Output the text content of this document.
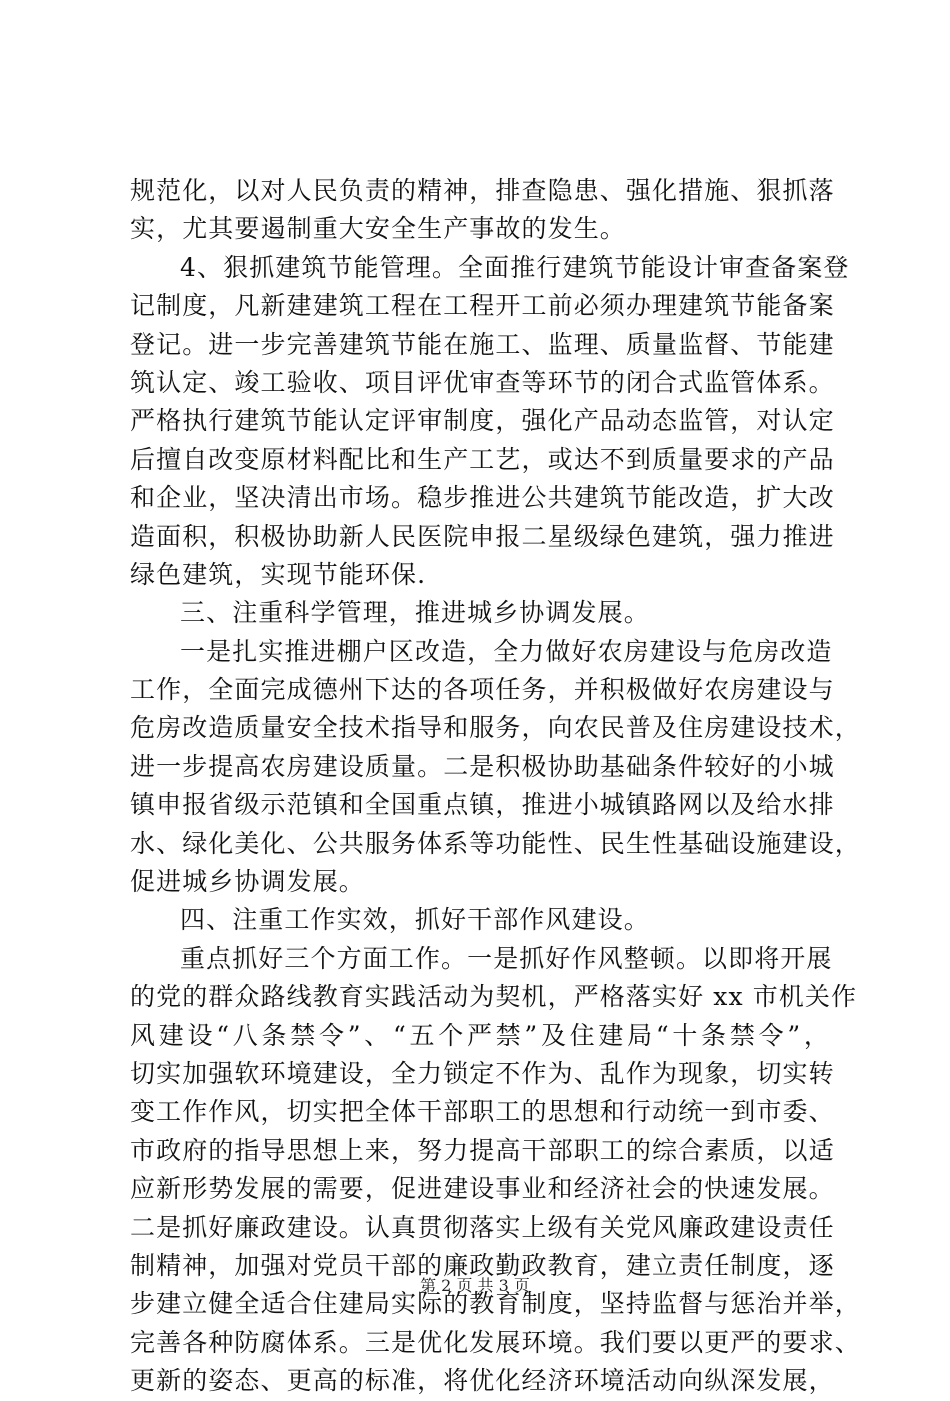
规范化，以对人民负责的精神，排查隐患、强化措施、狠抓落
实，尤其要遏制重大安全生产事故的发生。
4、狠抓建筑节能管理。全面推行建筑节能设计审查备案登
记制度，凡新建建筑工程在工程开工前必须办理建筑节能备案
登记。进一步完善建筑节能在施工、监理、质量监督、节能建
筑认定、竣工验收、项目评优审查等环节的闭合式监管体系。
严格执行建筑节能认定评审制度，强化产品动态监管，对认定
后擅自改变原材料配比和生产工艺，或达不到质量要求的产品
和企业，坚决清出市场。稳步推进公共建筑节能改造，扩大改
造面积，积极协助新人民医院申报二星级绿色建筑，强力推进
绿色建筑，实现节能环保.
三、注重科学管理，推进城乡协调发展。
一是扎实推进棚户区改造，全力做好农房建设与危房改造
工作，全面完成德州下达的各项任务，并积极做好农房建设与
危房改造质量安全技术指导和服务，向农民普及住房建设技术，
进一步提高农房建设质量。二是积极协助基础条件较好的小城
镇申报省级示范镇和全国重点镇，推进小城镇路网以及给水排
水、绿化美化、公共服务体系等功能性、民生性基础设施建设，
促进城乡协调发展。
四、注重工作实效，抓好干部作风建设。
重点抓好三个方面工作。一是抓好作风整顿。以即将开展
的党的群众路线教育实践活动为契机，严格落实好 xx 市机关作
风建设“八条禁令”、“五个严禁”及住建局“十条禁令”，
切实加强软环境建设，全力锁定不作为、乱作为现象，切实转
变工作作风，切实把全体干部职工的思想和行动统一到市委、
市政府的指导思想上来，努力提高干部职工的综合素质，以适
应新形势发展的需要，促进建设事业和经济社会的快速发展。
二是抓好廉政建设。认真贯彻落实上级有关党风廉政建设责任
制精神，加强对党员干部的廉政勤政教育，建立责任制度，逐
步建立健全适合住建局实际的教育制度，坚持监督与惩治并举，
完善各种防腐体系。三是优化发展环境。我们要以更严的要求、
更新的姿态、更高的标准，将优化经济环境活动向纵深发展，
第 2 页 共 3 页
